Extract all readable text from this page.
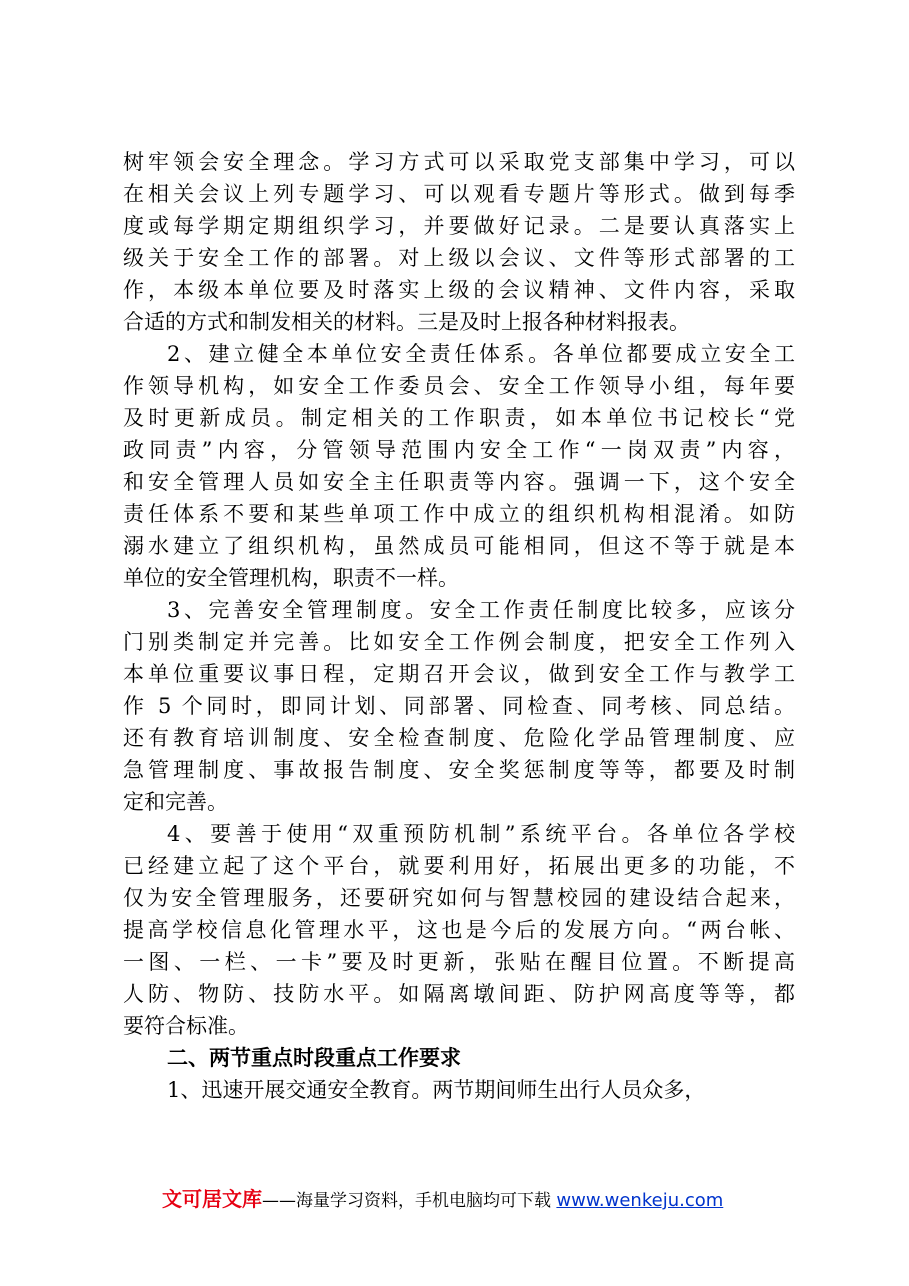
树牢领会安全理念。学习方式可以采取党支部集中学习，可以
在相关会议上列专题学习、可以观看专题片等形式。做到每季
度或每学期定期组织学习，并要做好记录。二是要认真落实上
级关于安全工作的部署。对上级以会议、文件等形式部署的工
作，本级本单位要及时落实上级的会议精神、文件内容，采取
合适的方式和制发相关的材料。三是及时上报各种材料报表。
2、建立健全本单位安全责任体系。各单位都要成立安全工
作领导机构，如安全工作委员会、安全工作领导小组，每年要
及时更新成员。制定相关的工作职责，如本单位书记校长“党
政同责”内容，分管领导范围内安全工作“一岗双责”内容，
和安全管理人员如安全主任职责等内容。强调一下，这个安全
责任体系不要和某些单项工作中成立的组织机构相混淆。如防
溺水建立了组织机构，虽然成员可能相同，但这不等于就是本
单位的安全管理机构，职责不一样。
3、完善安全管理制度。安全工作责任制度比较多，应该分
门别类制定并完善。比如安全工作例会制度，把安全工作列入
本单位重要议事日程，定期召开会议，做到安全工作与教学工
作 5 个同时，即同计划、同部署、同检查、同考核、同总结。
还有教育培训制度、安全检查制度、危险化学品管理制度、应
急管理制度、事故报告制度、安全奖惩制度等等，都要及时制
定和完善。
4、要善于使用“双重预防机制”系统平台。各单位各学校
已经建立起了这个平台，就要利用好，拓展出更多的功能，不
仅为安全管理服务，还要研究如何与智慧校园的建设结合起来，
提高学校信息化管理水平，这也是今后的发展方向。“两台帐、
一图、一栏、一卡”要及时更新，张贴在醒目位置。不断提高
人防、物防、技防水平。如隔离墩间距、防护网高度等等，都
要符合标准。
二、两节重点时段重点工作要求
1、迅速开展交通安全教育。两节期间师生出行人员众多，
文可居文库——海量学习资料，手机电脑均可下载 www.wenkeju.com
